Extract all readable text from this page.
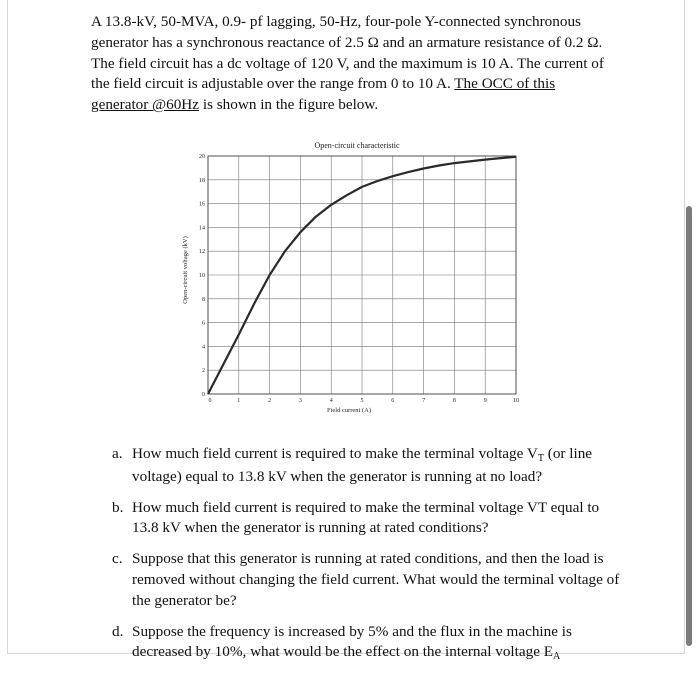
A 13.8-kV, 50-MVA, 0.9- pf lagging, 50-Hz, four-pole Y-connected synchronous generator has a synchronous reactance of 2.5 Ω and an armature resistance of 0.2 Ω. The field circuit has a dc voltage of 120 V, and the maximum is 10 A. The current of the field circuit is adjustable over the range from 0 to 10 A. The OCC of this generator @60Hz is shown in the figure below.
Open-circuit characteristic
0	1	2	3	4	5	6	7	8	9	10
0
2
4
6
8
10
12
14
16
18
20
Field current (A)
Open-circuit voltage (kV)
a. How much field current is required to make the terminal voltage VT (or line voltage) equal to 13.8 kV when the generator is running at no load?
b. How much field current is required to make the terminal voltage VT equal to 13.8 kV when the generator is running at rated conditions?
c. Suppose that this generator is running at rated conditions, and then the load is removed without changing the field current. What would the terminal voltage of the generator be?
d. Suppose the frequency is increased by 5% and the flux in the machine is decreased by 10%, what would be the effect on the internal voltage EA
